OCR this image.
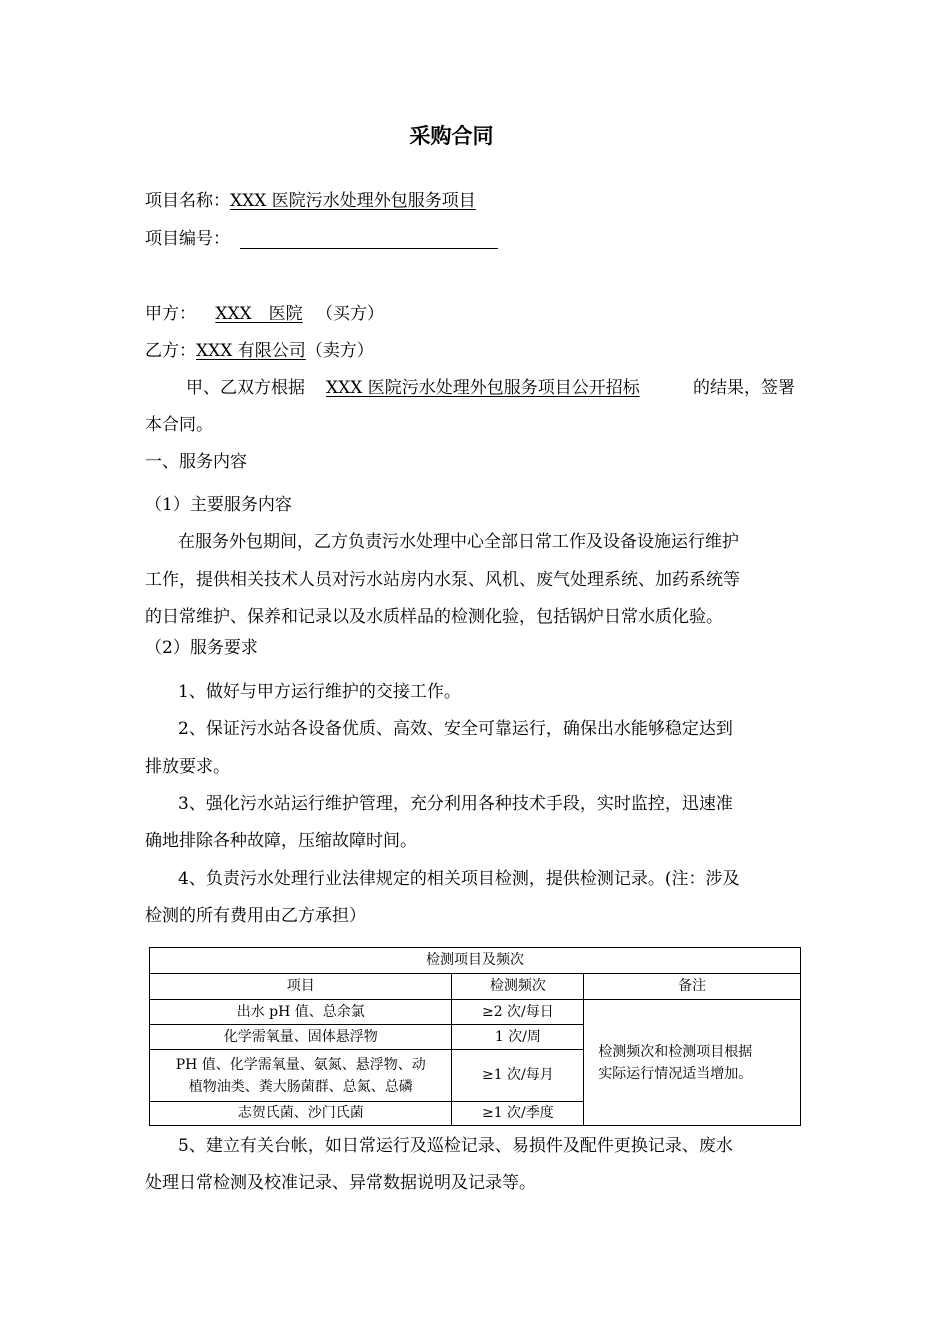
采购合同
项目名称：XXX 医院污水处理外包服务项目
项目编号：
甲方：	XXX　医院 （买方）
乙方：XXX 有限公司（卖方）
甲、乙双方根据 XXX 医院污水处理外包服务项目公开招标	的结果，签署
本合同。
一、服务内容
（1）主要服务内容
在服务外包期间，乙方负责污水处理中心全部日常工作及设备设施运行维护
工作，提供相关技术人员对污水站房内水泵、风机、废气处理系统、加药系统等
的日常维护、保养和记录以及水质样品的检测化验，包括锅炉日常水质化验。
（2）服务要求
1、做好与甲方运行维护的交接工作。
2、保证污水站各设备优质、高效、安全可靠运行，确保出水能够稳定达到
排放要求。
3、强化污水站运行维护管理，充分利用各种技术手段，实时监控，迅速准
确地排除各种故障，压缩故障时间。
4、负责污水处理行业法律规定的相关项目检测，提供检测记录。(注：涉及
检测的所有费用由乙方承担）
检测项目及频次		
项目	检测频次	备注
出水 pH 值、总余氯	≥2 次/每日	检测频次和检测项目根据
实际运行情况适当增加。
化学需氧量、固体悬浮物	1 次/周	
PH 值、化学需氧量、氨氮、悬浮物、动
植物油类、粪大肠菌群、总氮、总磷	≥1 次/每月	
志贺氏菌、沙门氏菌	≥1 次/季度	
5、建立有关台帐，如日常运行及巡检记录、易损件及配件更换记录、废水
处理日常检测及校准记录、异常数据说明及记录等。
